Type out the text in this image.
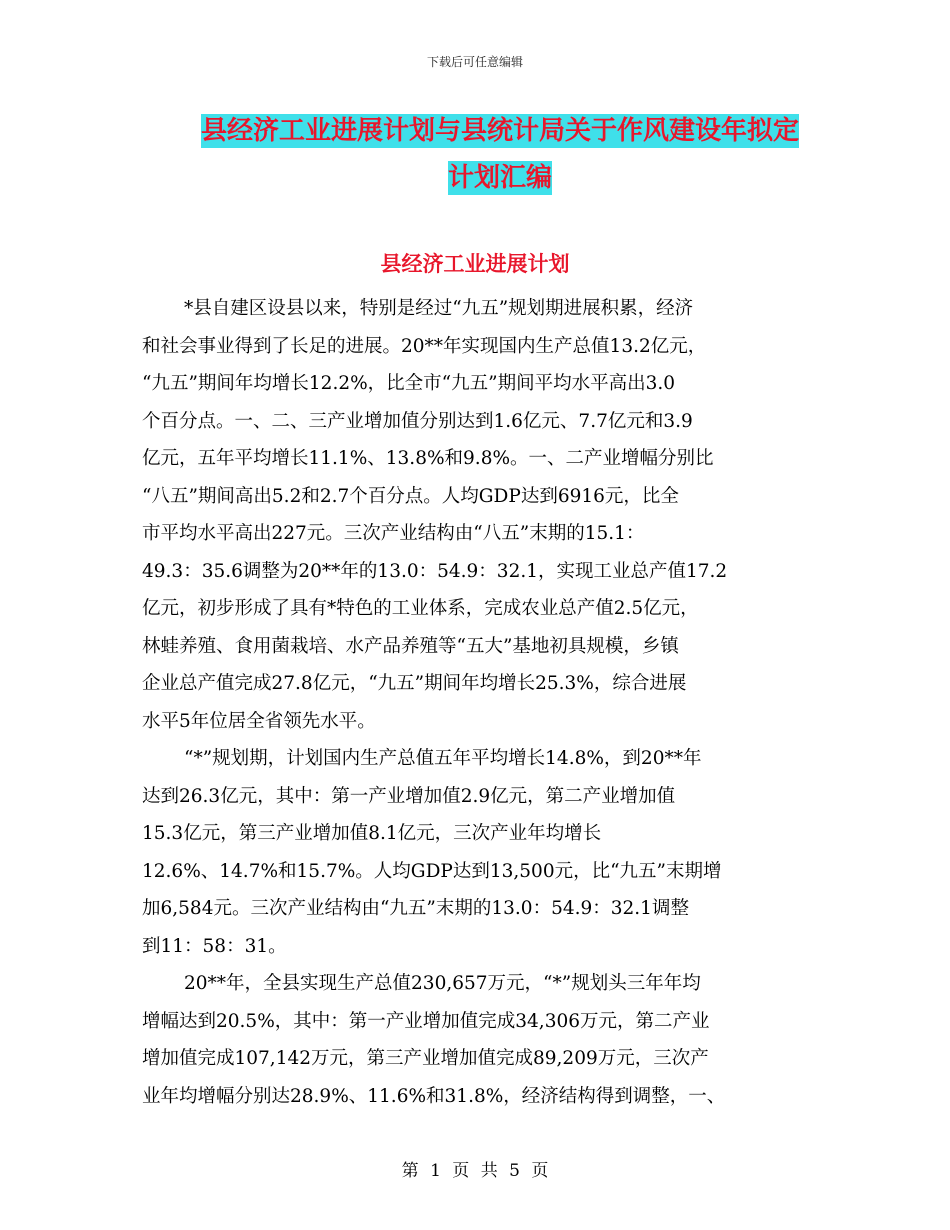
下载后可任意编辑
县经济工业进展计划与县统计局关于作风建设年拟定
计划汇编
县经济工业进展计划
*县自建区设县以来，特别是经过“九五”规划期进展积累，经济
和社会事业得到了长足的进展。20**年实现国内生产总值13.2亿元，
“九五”期间年均增长12.2%，比全市“九五”期间平均水平高出3.0
个百分点。一、二、三产业增加值分别达到1.6亿元、7.7亿元和3.9
亿元，五年平均增长11.1%、13.8%和9.8%。一、二产业增幅分别比
“八五”期间高出5.2和2.7个百分点。人均GDP达到6916元，比全
市平均水平高出227元。三次产业结构由“八五”末期的15.1：
49.3：35.6调整为20**年的13.0：54.9：32.1，实现工业总产值17.2
亿元，初步形成了具有*特色的工业体系，完成农业总产值2.5亿元，
林蛙养殖、食用菌栽培、水产品养殖等“五大”基地初具规模，乡镇
企业总产值完成27.8亿元，“九五”期间年均增长25.3%，综合进展
水平5年位居全省领先水平。
“*”规划期，计划国内生产总值五年平均增长14.8%，到20**年
达到26.3亿元，其中：第一产业增加值2.9亿元，第二产业增加值
15.3亿元，第三产业增加值8.1亿元，三次产业年均增长
12.6%、14.7%和15.7%。人均GDP达到13,500元，比“九五”末期增
加6,584元。三次产业结构由“九五”末期的13.0：54.9：32.1调整
到11：58：31。
20**年，全县实现生产总值230,657万元，“*”规划头三年年均
增幅达到20.5%，其中：第一产业增加值完成34,306万元，第二产业
增加值完成107,142万元，第三产业增加值完成89,209万元，三次产
业年均增幅分别达28.9%、11.6%和31.8%，经济结构得到调整，一、
第 1 页 共 5 页
